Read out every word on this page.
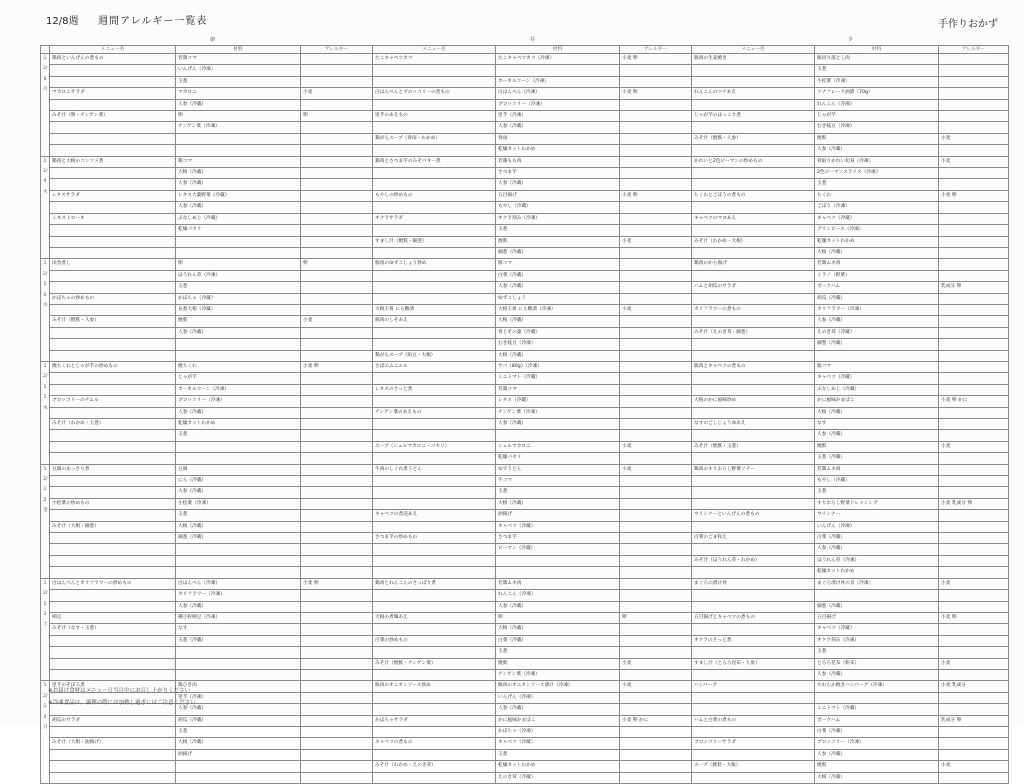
12/8週 週間アレルギー一覧表	手作りおかず
朝	昼	夕
	メニュー名	材料	アレルギー	メニュー名	材料	アレルギー	メニュー名	材料	アレルギー
12/8 月	鶏肉といんげんの煮もの	若鶏コマ		たこキャベツカツ	たこキャベツカツ（冷凍）	小麦 卵	豚肉の生姜焼き	豚切り落とし肉	
		いんげん（冷凍）						玉葱	
		玉葱			カーネルコーン（冷凍）			小松菜（冷凍）	
	マカロニサラダ	マカロニ	小麦	白はんぺんとブロッコリーの煮もの	白はんぺん（冷凍）	小麦 卵	れんこんのツナあえ	ツナフレーク油漬（70g）	
		人参（冷蔵）			ブロッコリー（冷凍）			れんこん（冷凍）	
	みそ汁（卵・チンゲン菜）	卵	卵	里芋のあえもの	里芋（冷凍）		じゃが芋のほっこり煮	じゃが芋	
		チンゲン菜（冷凍）			人参（冷蔵）			むき枝豆（冷凍）	
				鶏がらスープ（春雨・わかめ）	春雨		みそ汁（焼麩・人参）	焼麩	小麦
					乾燥カットわかめ			人参（冷蔵）	
12/9 火	鶏肉と大根のコンソメ煮	鶏コマ		鶏肉とさつま芋のみそバター煮	若鶏もも肉		かれいと2色ピーマンの炒めもの	骨取りかれい切身（冷凍）	小麦
		大根（冷蔵）			さつま芋			2色ピーマンスライス（冷凍）	
		人参（冷蔵）			人参（冷蔵）			玉葱	
	レタスサラダ	レタス大葉野菜（冷蔵）		もやしの炒めもの	五目揚げ	小麦 卵	ちくわとごぼうの煮もの	ちくわ	小麦 卵
		人参（冷蔵）			もやし（冷蔵）			ごぼう（冷凍）	
	ミネストローネ	ぶなしめじ（冷蔵）		オクラサラダ	オクラ刻み（冷凍）		キャベツのマヨあえ	キャベツ（冷蔵）	
		乾燥パセリ			玉葱			グリンピース（冷凍）	
				すまし汁（焼麩・細葱）	焼麩	小麦	みそ汁（わかめ・大根）	乾燥カットわかめ	
					細葱（冷蔵）			大根（冷蔵）	
12/10 水	田舎煮し	卵	卵	豚肉のゆずこしょう炒め	豚コマ		鶏肉のから揚げ	若鶏ムネ肉	
		ほうれん草（冷凍）			白菜（冷蔵）			ミラノ（野菜）	
		玉葱			人参（冷蔵）		ハムと胡瓜のサラダ	ボークハム	乳成分 卵
	かぼちゃの炒めもの	かぼちゃ（冷蔵）			ゆずこしょう			胡瓜（冷蔵）	
		長葱大根（冷蔵）		大根王将 にら糖漬	大根王将 にら糖漬（冷凍）	小麦	カリフラワーの煮もの	カリフラワー（冷凍）	
	みそ汁（焼麩・人参）	焼麩	小麦	豚肉のしそあえ	大根（冷蔵）			人参（冷蔵）	
		人参（冷蔵）			青じその葉（冷蔵）		みそ汁（えのき茸・細葱）	えのき茸（冷蔵）	
					むき枝豆（冷凍）			細葱（冷蔵）	
				鶏がらスープ（絹豆・大根）	大根（冷蔵）				
12/11 木	焼ちくわとじゃが芋の炒めもの	焼ちくわ	小麦 卵	さばのムニエル	サバ（80g）（冷凍）		豚肉とキャベツの煮もの	豚コマ	
		じゃが芋			ミニトマト（冷蔵）			キャベツ（冷蔵）	
		カーネルコーン（冷凍）		レタスのさっと煮	若鶏コマ			ぶなしめじ（冷蔵）	
	ブロッコリーのナムル	ブロッコリー（冷凍）			レタス（冷蔵）		大根のかに風味炒め	かに風味かまぼこ	小麦 卵 かに
		人参（冷蔵）		チンゲン菜のあえもの	チンゲン菜（冷凍）			大根（冷蔵）	
	みそ汁（わかめ・玉葱）	乾燥カットわかめ			人参（冷蔵）		なすのごしじょうゆあえ	なす	
		玉葱						人参（冷蔵）	
				スープ（シェルマカロニ・パセリ）	シェルマカロニ	小麦	みそ汁（焼麩・玉葱）	焼麩	小麦
					乾燥パセリ			玉葱（冷蔵）	
12/12 金	豆腐のあっさり煮	豆腐		牛肉のしぐれ煮うどん	ゆでうどん	小麦	鶏肉のすりおろし野菜ソテー	若鶏ムネ肉	
		にら（冷蔵）			牛コマ			もやし（冷蔵）	
		人参（冷蔵）			玉葱			玉葱	
	小松菜の炒めもの	小松菜（冷凍）			大根（冷蔵）			すりおろし野菜ドレッシング	小麦 乳成分 卵
		玉葱		キャベツの煮浸あえ	油揚げ		ウインナーといんげんの煮もの	ウインナー	
	みそ汁（大根・細葱）	大根（冷蔵）			キャベツ（冷蔵）			いんげん（冷凍）	
		細葱（冷蔵）		さつま芋の炒めもの	さつま芋		白菜のごま和え	白菜（冷蔵）	
					ピーマン（冷蔵）			人参（冷蔵）	
							みそ汁（ほうれん草・わかめ）	ほうれん草（冷凍）	
								乾燥カットわかめ	
12/13 土	白はんぺんとカリフラワーの炒めもの	白はんぺん（冷凍）	小麦 卵	鶏肉とれんこんのさっぱり煮	若鶏ムネ肉		まぐろの漬け丼	まぐろ漬け丼の具（冷凍）	小麦
		カリフラワー（冷凍）			れんこん（冷凍）				
		人参（冷蔵）			人参（冷蔵）			細葱（冷蔵）	
	納豆	種小粒納豆（冷凍）		大根の煮麺あえ	卵	卵	五目揚げとキャベツの煮もの	五目揚げ	小麦 卵
	みそ汁（なす・玉葱）	なす			大根（冷蔵）			キャベツ（冷蔵）	
		玉葱（冷蔵）		白菜の炒めもの	白菜（冷蔵）		オクラのさっと煮	オクラ刻み（冷凍）	
					玉葱			玉葱	
				みそ汁（焼麩・チンゲン菜）	焼麩	小麦	すまし汁（とろろ昆布・人参）	とろろ昆布（粉末）	小麦
					チンゲン菜（冷凍）			人参（冷蔵）	
12/14 日	里芋のそぼろ煮	鶏ひき肉		豚肉のオニオンソース炒め	豚肉のオニオンソース漬け（冷凍）	小麦	ハンバーグ	やわらか焼きハンバーグ（冷凍）	小麦 乳成分
		里芋（冷凍）			いんげん（冷凍）				
		人参（冷蔵）			人参（冷蔵）			ミニトマト（冷蔵）	
	胡瓜のサラダ	胡瓜（冷蔵）		かぼちゃサラダ	かに風味かまぼこ	小麦 卵 かに	ハムと白菜の煮もの	ボークハム	乳成分 卵
		玉葱			かぼちゃ（冷凍）			白菜（冷蔵）	
	みそ汁（大根・油揚げ）	大根（冷蔵）		キャベツの煮もの	キャベツ（冷蔵）		ブロッコリーサラダ	ブロッコリー（冷凍）	
		油揚げ			玉葱			人参（冷蔵）	
				みそ汁（わかめ・えのき茸）	乾燥カットわかめ		スープ（焼麩・大根）	焼麩	小麦
					えのき茸（冷蔵）			大根（冷蔵）	
※お届け食材はメニュー日当日中にお召し上がりください
※冷凍食品は、調理の際には加熱し過ぎにはご注意ください
